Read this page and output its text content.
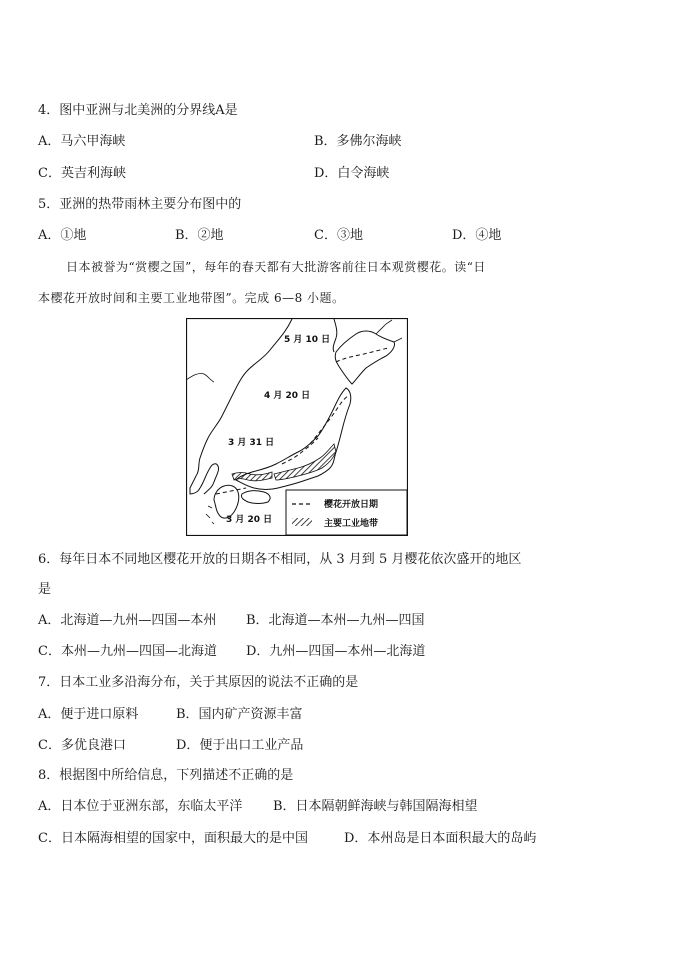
4．图中亚洲与北美洲的分界线A是
A．马六甲海峡	B．多佛尔海峡
C．英吉利海峡	D．白令海峡
5．亚洲的热带雨林主要分布图中的
A．①地	B．②地	C．③地	D．④地
日本被誉为“赏樱之国”，每年的春天都有大批游客前往日本观赏樱花。读“日
本樱花开放时间和主要工业地带图”。完成 6—8 小题。
5 月 10 日
4 月 20 日
3 月 31 日
3 月 20 日
樱花开放日期
主要工业地带
6．每年日本不同地区樱花开放的日期各不相同，从 3 月到 5 月樱花依次盛开的地区
是
A．北海道—九州—四国—本州 B．北海道—本州—九州—四国
C．本州—九州—四国—北海道 D．九州—四国—本州—北海道
7．日本工业多沿海分布，关于其原因的说法不正确的是
A．便于进口原料	B．国内矿产资源丰富
C．多优良港口	D．便于出口工业产品
8．根据图中所给信息，下列描述不正确的是
A．日本位于亚洲东部，东临太平洋 B．日本隔朝鲜海峡与韩国隔海相望
C．日本隔海相望的国家中，面积最大的是中国	D．本州岛是日本面积最大的岛屿
